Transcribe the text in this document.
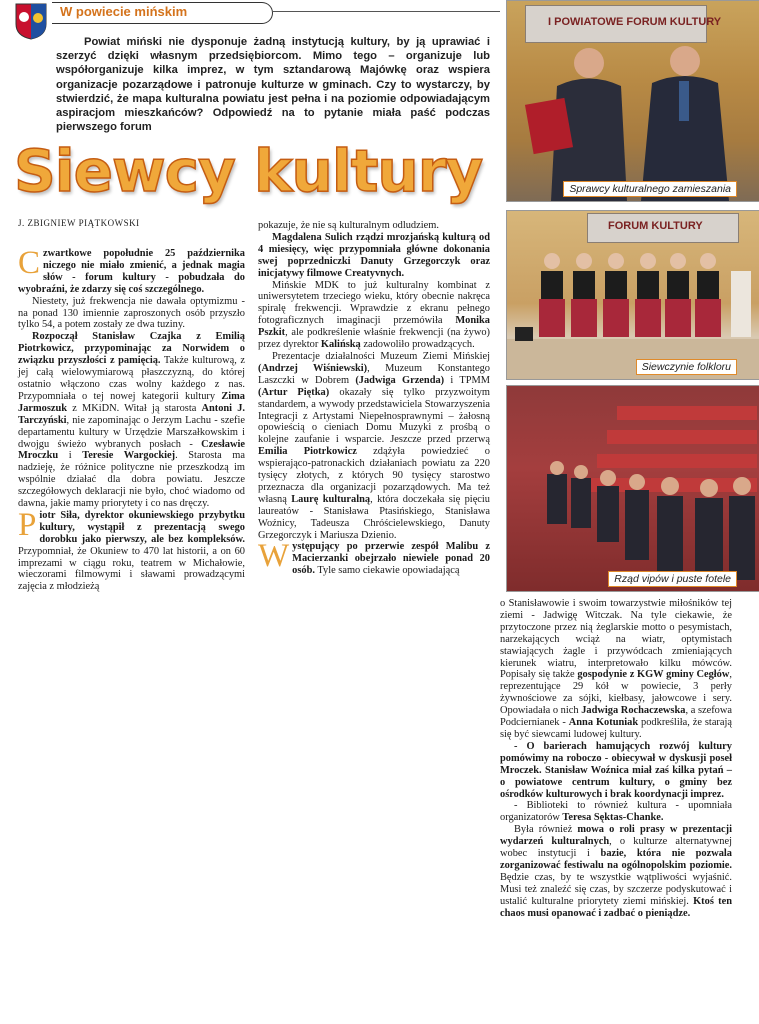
W powiecie mińskim

Powiat miński nie dysponuje żadną instytucją kultury, by ją uprawiać i szerzyć dzięki własnym przedsiębiorcom. Mimo tego – organizuje lub współorganizuje kilka imprez, w tym sztandarową Majówkę oraz wspiera organizacje pozarządowe i patronuje kulturze w gminach. Czy to wystarczy, by stwierdzić, że mapa kulturalna powiatu jest pełna i na poziomie odpowiadającym aspiracjom mieszkańców? Odpowiedź na to pytanie miała paść podczas pierwszego forum

Siewcy kultury
J. ZBIGNIEW PIĄTKOWSKI

Czwartkowe popołudnie 25 października niczego nie miało zmienić, a jednak magia słów - forum kultury - pobudzała do wyobraźni, że zdarzy się coś szczególnego.

Niestety, już frekwencja nie dawała optymizmu - na ponad 130 imiennie zaproszonych osób przyszło tylko 54, a potem zostały ze dwa tuziny.

Rozpoczął Stanisław Czajka z Emilią Piotrkowicz, przypominając za Norwidem o związku przyszłości z pamięcią. Także kulturową, z jej całą wielowymiarową płaszczyzną, do której ostatnio włączono czas wolny każdego z nas. Przypomniała o tej nowej kategorii kultury Zima Jarmoszuk z MKiDN. Witał ją starosta Antoni J. Tarczyński, nie zapominając o Jerzym Lachu - szefie departamentu kultury w Urzędzie Marszałkowskim i dwojgu świeżo wybranych posłach - Czesławie Mroczku i Teresie Wargockiej. Starosta ma nadzieję, że różnice polityczne nie przeszkodzą im wspólnie działać dla dobra powiatu. Jeszcze szczegółowych deklaracji nie było, choć wiadomo od dawna, jakie mamy priorytety i co nas dręczy.

Piotr Siła, dyrektor okuniewskiego przybytku kultury, wystąpił z prezentacją swego dorobku jako pierwszy, ale bez kompleksów. Przypomniał, że Okuniew to 470 lat historii, a on 60 imprezami w ciągu roku, teatrem w Michałowie, wieczorami filmowymi i sławami prowadzącymi zajęcia z młodzieżą

pokazuje, że nie są kulturalnym odludziem.

Magdalena Sulich rządzi mrozjańską kulturą od 4 miesięcy, więc przypomniała główne dokonania swej poprzedniczki Danuty Grzegorczyk oraz inicjatywy filmowe Creatyvnych.

Mińskie MDK to już kulturalny kombinat z uniwersytetem trzeciego wieku, który obecnie nakręca spiralę frekwencji. Wprawdzie z ekranu pełnego fotograficznych imaginacji przemówiła Monika Pszkit, ale podkreślenie właśnie frekwencji (na żywo) przez dyrektor Kalińską zadowoliło prowadzących.

Prezentacje działalności Muzeum Ziemi Mińskiej (Andrzej Wiśniewski), Muzeum Konstantego Laszczki w Dobrem (Jadwiga Grzenda) i TPMM (Artur Piętka) okazały się tylko przyzwoitym standardem, a wywody przedstawiciela Stowarzyszenia Integracji z Artystami Niepełnosprawnymi – żałosną opowieścią o cieniach Domu Muzyki z prośbą o kolejne zaufanie i wsparcie. Jeszcze przed przerwą Emilia Piotrkowicz zdążyła powiedzieć o wspierająco-patronackich działaniach powiatu za 220 tysięcy złotych, z których 90 tysięcy starostwo przeznacza dla organizacji pozarządowych. Ma też własną Laurę kulturalną, która doczekała się pięciu laureatów - Stanisława Ptasińskiego, Stanisława Woźnicy, Tadeusza Chróścielewskiego, Danuty Grzegorczyk i Mariusza Dzienio.

Występujący po przerwie zespół Malibu z Macierzanki obejrzało niewiele ponad 20 osób. Tyle samo ciekawie opowiadającą

o Stanisławowie i swoim towarzystwie miłośników tej ziemi - Jadwigę Witczak. Na tyle ciekawie, że przytoczone przez nią żeglarskie motto o pesymistach, narzekających wciąż na wiatr, optymistach stawiających żagle i przywódcach zmieniających kierunek wiatru, interpretowało kilku mówców. Popisały się także gospodynie z KGW gminy Cegłów, reprezentujące 29 kół w powiecie, 3 perły żywnościowe za sójki, kiełbasy, jałowcowe i sery. Opowiadała o nich Jadwiga Rochaczewska, a szefowa Podciernianek - Anna Kotuniak podkreśliła, że starają się być siewcami ludowej kultury.

- O barierach hamujących rozwój kultury pomówimy na roboczo - obiecywał w dyskusji poseł Mroczek. Stanisław Woźnica miał zaś kilka pytań – o powiatowe centrum kultury, o gminy bez ośrodków kulturowych i brak koordynacji imprez.

- Biblioteki to również kultura - upomniała organizatorów Teresa Sęktas-Chanke.

Była również mowa o roli prasy w prezentacji wydarzeń kulturalnych, o kulturze alternatywnej wobec instytucji i bazie, która nie pozwala zorganizować festiwalu na ogólnopolskim poziomie. Będzie czas, by te wszystkie wątpliwości wyjaśnić. Musi też znaleźć się czas, by szczerze podyskutować i ustalić kulturalne priorytety ziemi mińskiej. Ktoś ten chaos musi opanować i zadbać o pieniądze.

I POWIATOWE FORUM KULTURY
Sprawcy kulturalnego zamieszania
FORUM KULTURY
Siewczynie folkloru
Rząd vipów i puste fotele
